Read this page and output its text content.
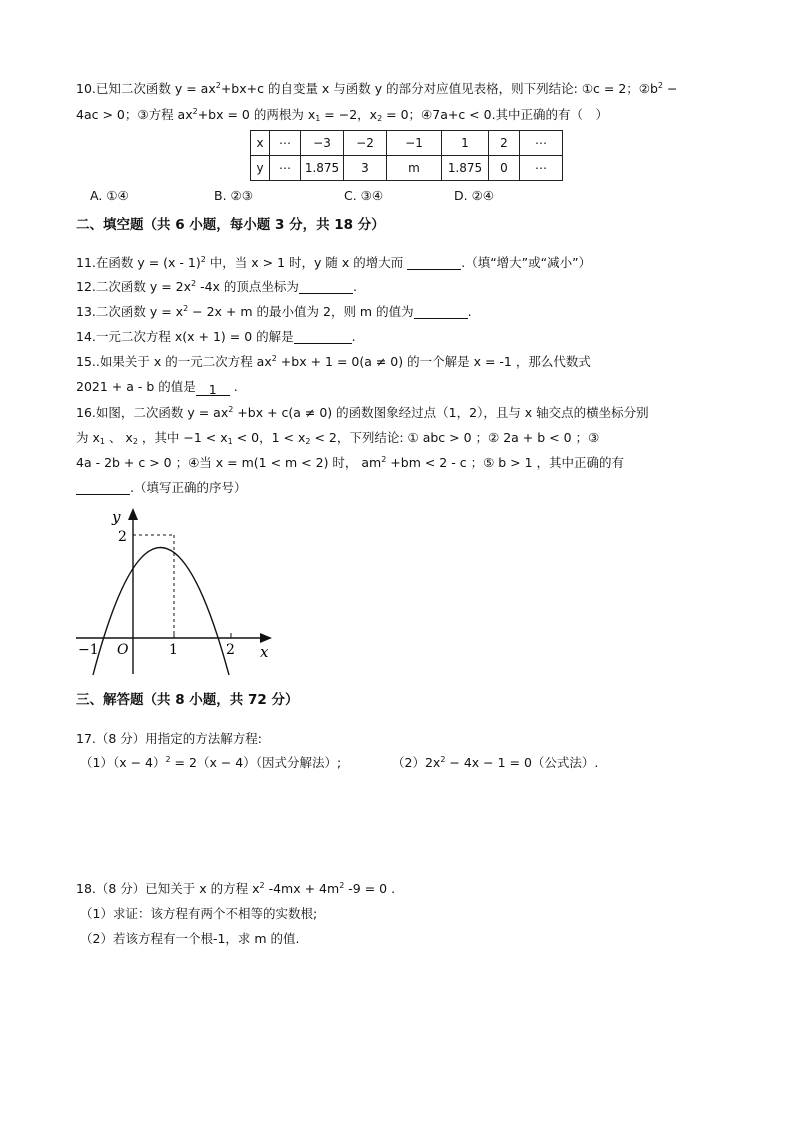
10.已知二次函数 $y = ax^2+bx+c$ 的自变量 x 与函数 y 的部分对应值见表格，则下列结论: ①c = 2；$②b^2$ −
4ac > 0；③方程 $ax^2+bx = 0$ 的两根为 $x_1 = -2$，$x_2 = 0$；④7a+c < 0.其中正确的有（　）
x	⋯	−3	−2	−1	1	2	⋯
y	⋯	1.875	3	m	1.875	0	⋯
A. ①④	B. ②③	C. ③④	D. ②④
二、填空题（共 6 小题，每小题 3 分，共 18 分）
11.在函数 y = (x - 1)$^2$ 中，当 x > 1 时，y 随 x 的增大而	.（填“增大”或“减小”）
12.二次函数 $y = 2x^2$ -4x 的顶点坐标为	.
13.二次函数 $y = x^2 - 2x + m$ 的最小值为 2，则 m 的值为	.
14.一元二次方程 x(x + 1) = 0 的解是	.
15..如果关于 x 的一元二次方程 $ax^2 +bx + 1 = 0(a \ne 0)$ 的一个解是 x = -1 ，那么代数式
2021 + a - b 的值是 1 .
16.如图，二次函数 $y = ax^2 +bx + c(a \ne 0)$ 的函数图象经过点（1，2），且与 x 轴交点的横坐标分别
为 $x_1$ 、 $x_2$ ，其中 $-1 < x_1 < 0$，$1 < x_2 < 2$，下列结论: ① abc > 0 ；② 2a + b < 0 ；③
4a - 2b + c > 0 ；④当 x = m(1 < m < 2) 时， $am^2 +bm < 2 - c$ ；⑤ b > 1 ，其中正确的有
.（填写正确的序号）
y
2
−1 O	1	2 x
三、解答题（共 8 小题，共 72 分）
17.（8 分）用指定的方法解方程:
$(1)(x - 4)^2 = 2(x - 4)$（因式分解法）;	$(2)2x^2 - 4x - 1 = 0$（公式法）.
18.（8 分）已知关于 x 的方程 $x^2$ $-4mx + 4m^2$ -9 = 0 .
（1）求证：该方程有两个不相等的实数根;
（2）若该方程有一个根-1，求 m 的值.
